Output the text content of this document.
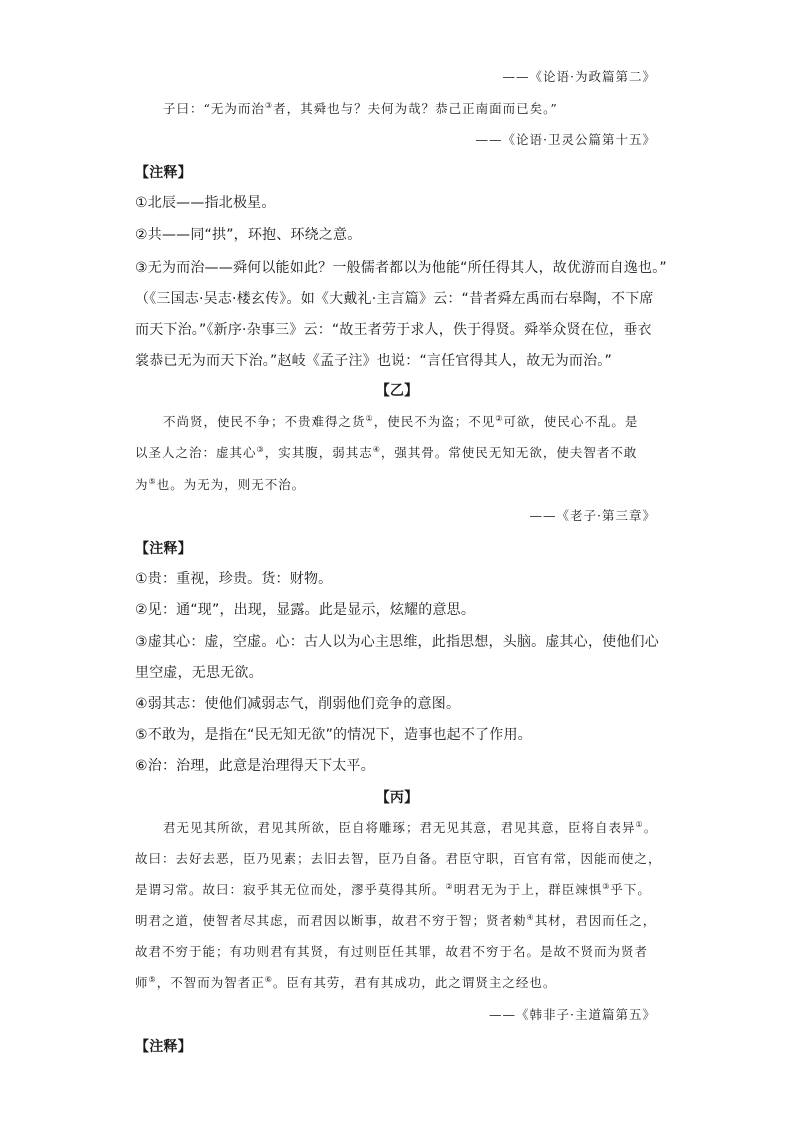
——《论语·为政篇第二》
子曰：“无为而治③者，其舜也与？夫何为哉？恭己正南面而已矣。”
——《论语·卫灵公篇第十五》
【注释】
①北辰——指北极星。
②共——同“拱”，环抱、环绕之意。
③无为而治——舜何以能如此？一般儒者都以为他能“所任得其人，故优游而自逸也。”
（《三国志·吴志·楼玄传》。如《大戴礼·主言篇》云：“昔者舜左禹而右皋陶，不下席
而天下治。”《新序·杂事三》云：“故王者劳于求人，佚于得贤。舜举众贤在位，垂衣
裳恭已无为而天下治。”赵岐《孟子注》也说：“言任官得其人，故无为而治。”
【乙】
不尚贤，使民不争；不贵难得之货①，使民不为盗；不见②可欲，使民心不乱。是
以圣人之治：虚其心③，实其腹，弱其志④，强其骨。常使民无知无欲，使夫智者不敢
为⑤也。为无为，则无不治。
——《老子·第三章》
【注释】
①贵：重视，珍贵。货：财物。
②见：通“现”，出现，显露。此是显示，炫耀的意思。
③虚其心：虚，空虚。心：古人以为心主思维，此指思想，头脑。虚其心，使他们心
里空虚，无思无欲。
④弱其志：使他们减弱志气，削弱他们竞争的意图。
⑤不敢为，是指在“民无知无欲”的情况下，造事也起不了作用。
⑥治：治理，此意是治理得天下太平。
【丙】
君无见其所欲，君见其所欲，臣自将雕琢；君无见其意，君见其意，臣将自表异①。
故曰：去好去恶，臣乃见素；去旧去智，臣乃自备。君臣守职，百官有常，因能而使之，
是谓习常。故曰：寂乎其无位而处，漻乎莫得其所。②明君无为于上，群臣竦惧③乎下。
明君之道，使智者尽其虑，而君因以断事，故君不穷于智；贤者勑④其材，君因而任之，
故君不穷于能；有功则君有其贤，有过则臣任其罪，故君不穷于名。是故不贤而为贤者
师⑤，不智而为智者正⑥。臣有其劳，君有其成功，此之谓贤主之经也。
——《韩非子·主道篇第五》
【注释】
